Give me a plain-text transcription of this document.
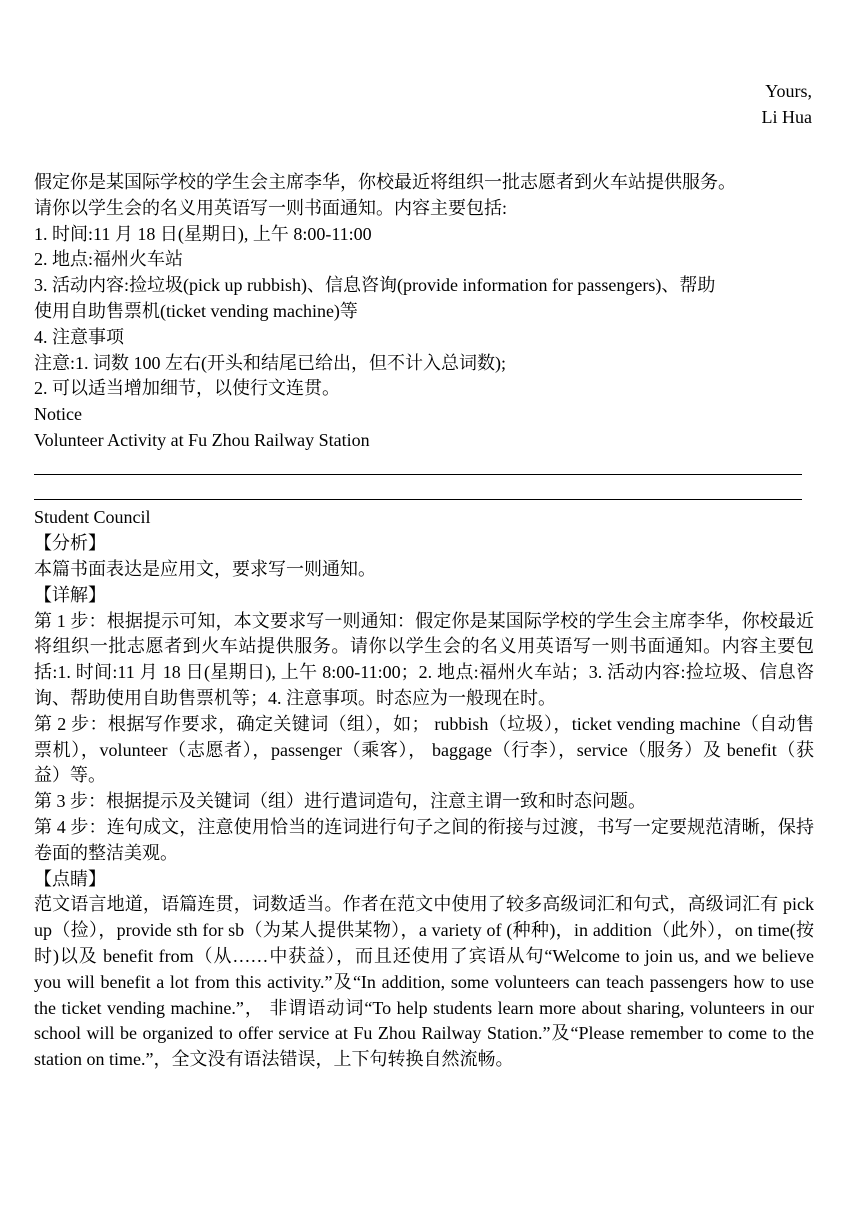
Yours,
Li Hua
假定你是某国际学校的学生会主席李华，你校最近将组织一批志愿者到火车站提供服务。
请你以学生会的名义用英语写一则书面通知。内容主要包括:
1. 时间:11 月 18 日(星期日), 上午 8:00-11:00
2. 地点:福州火车站
3. 活动内容:捡垃圾(pick up rubbish)、信息咨询(provide information for passengers)、帮助
使用自助售票机(ticket vending machine)等
4. 注意事项
注意:1. 词数 100 左右(开头和结尾已给出，但不计入总词数);
2. 可以适当增加细节，以使行文连贯。
Notice
Volunteer Activity at Fu Zhou Railway Station
Student Council
【分析】
本篇书面表达是应用文，要求写一则通知。
【详解】
第 1 步：根据提示可知，本文要求写一则通知：假定你是某国际学校的学生会主席李华，你校最近将组织一批志愿者到火车站提供服务。请你以学生会的名义用英语写一则书面通知。内容主要包括:1. 时间:11 月 18 日(星期日), 上午 8:00-11:00；2. 地点:福州火车站；3. 活动内容:捡垃圾、信息咨询、帮助使用自助售票机等；4. 注意事项。时态应为一般现在时。
第 2 步：根据写作要求，确定关键词（组），如； rubbish（垃圾），ticket vending machine（自动售票机），volunteer（志愿者），passenger（乘客）， baggage（行李），service（服务）及 benefit（获益）等。
第 3 步：根据提示及关键词（组）进行遣词造句，注意主谓一致和时态问题。
第 4 步：连句成文，注意使用恰当的连词进行句子之间的衔接与过渡，书写一定要规范清晰，保持卷面的整洁美观。
【点睛】
范文语言地道，语篇连贯，词数适当。作者在范文中使用了较多高级词汇和句式，高级词汇有 pick up（捡），provide sth for sb（为某人提供某物），a variety of (种种)，in addition（此外），on time(按时)以及 benefit from（从……中获益），而且还使用了宾语从句“Welcome to join us, and we believe you will benefit a lot from this activity.”及“In addition, some volunteers can teach passengers how to use the ticket vending machine.”， 非谓语动词“To help students learn more about sharing, volunteers in our school will be organized to offer service at Fu Zhou Railway Station.”及“Please remember to come to the station on time.”，全文没有语法错误，上下句转换自然流畅。
